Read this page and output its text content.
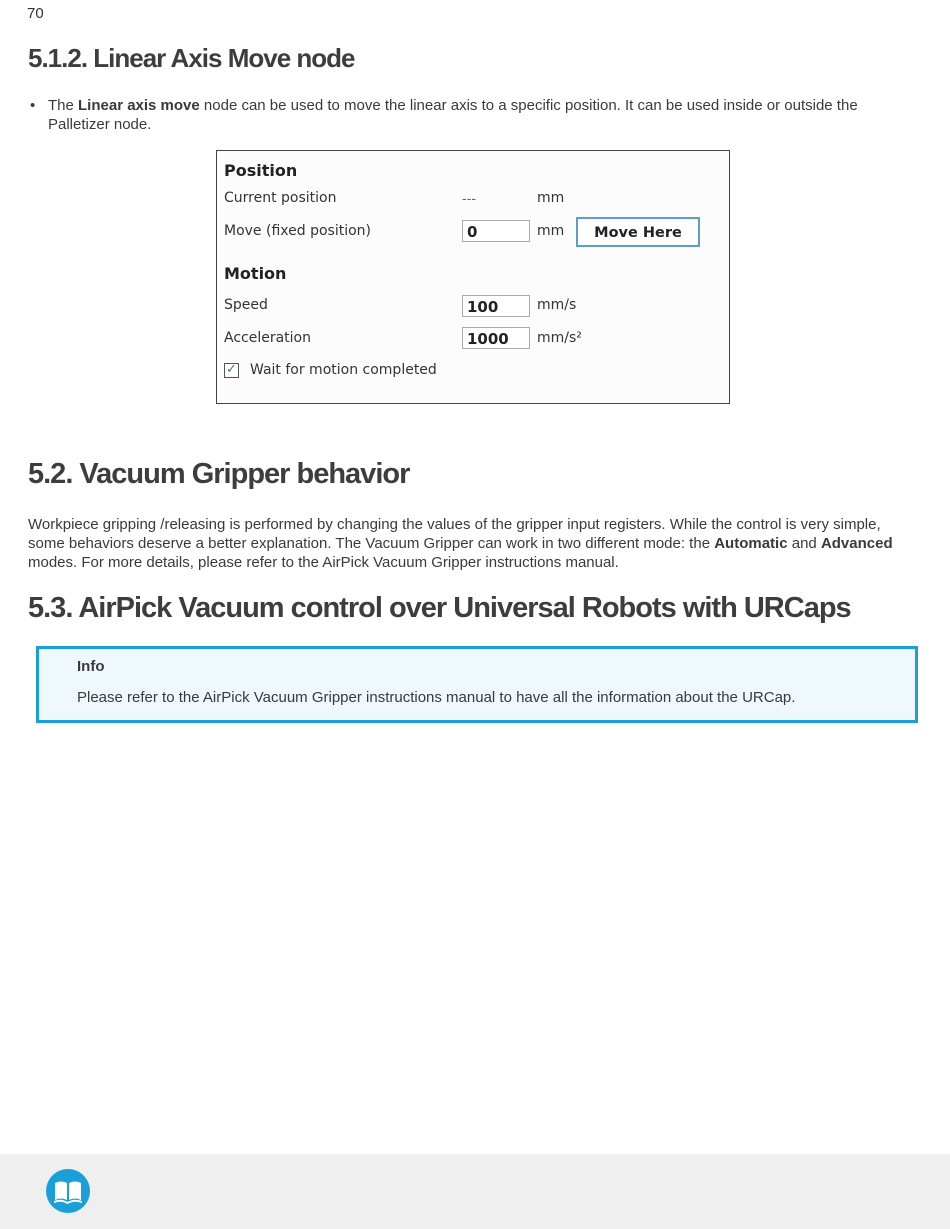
70
5.1.2. Linear Axis Move node
• The Linear axis move node can be used to move the linear axis to a specific position. It can be used inside or outside the Palletizer node.
Position
Current position	---	mm
Move (fixed position)	0	mm	Move Here
Motion
Speed	100	mm/s
Acceleration	1000	mm/s²
✓ Wait for motion completed
5.2. Vacuum Gripper behavior
Workpiece gripping /releasing is performed by changing the values of the gripper input registers. While the control is very simple, some behaviors deserve a better explanation. The Vacuum Gripper can work in two different mode: the Automatic and Advanced modes. For more details, please refer to the AirPick Vacuum Gripper instructions manual.
5.3. AirPick Vacuum control over Universal Robots with URCaps
Info
Please refer to the AirPick Vacuum Gripper instructions manual to have all the information about the URCap.
